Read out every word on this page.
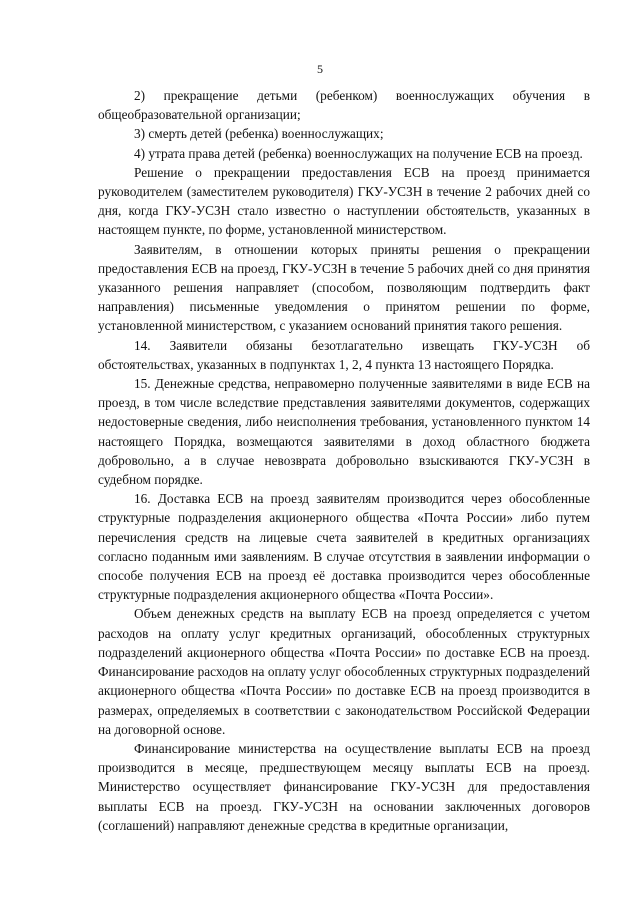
5

2) прекращение детьми (ребенком) военнослужащих обучения в общеобразовательной организации;

3) смерть детей (ребенка) военнослужащих;

4) утрата права детей (ребенка) военнослужащих на получение ЕСВ на проезд.

Решение о прекращении предоставления ЕСВ на проезд принимается руководителем (заместителем руководителя) ГКУ-УСЗН в течение 2 рабочих дней со дня, когда ГКУ-УСЗН стало известно о наступлении обстоятельств, указанных в настоящем пункте, по форме, установленной министерством.

Заявителям, в отношении которых приняты решения о прекращении предоставления ЕСВ на проезд, ГКУ-УСЗН в течение 5 рабочих дней со дня принятия указанного решения направляет (способом, позволяющим подтвердить факт направления) письменные уведомления о принятом решении по форме, установленной министерством, с указанием оснований принятия такого решения.

14. Заявители обязаны безотлагательно извещать ГКУ-УСЗН об обстоятельствах, указанных в подпунктах 1, 2, 4 пункта 13 настоящего Порядка.

15. Денежные средства, неправомерно полученные заявителями в виде ЕСВ на проезд, в том числе вследствие представления заявителями документов, содержащих недостоверные сведения, либо неисполнения требования, установленного пунктом 14 настоящего Порядка, возмещаются заявителями в доход областного бюджета добровольно, а в случае невозврата добровольно взыскиваются ГКУ-УСЗН в судебном порядке.

16. Доставка ЕСВ на проезд заявителям производится через обособленные структурные подразделения акционерного общества «Почта России» либо путем перечисления средств на лицевые счета заявителей в кредитных организациях согласно поданным ими заявлениям. В случае отсутствия в заявлении информации о способе получения ЕСВ на проезд её доставка производится через обособленные структурные подразделения акционерного общества «Почта России».

Объем денежных средств на выплату ЕСВ на проезд определяется с учетом расходов на оплату услуг кредитных организаций, обособленных структурных подразделений акционерного общества «Почта России» по доставке ЕСВ на проезд. Финансирование расходов на оплату услуг обособленных структурных подразделений акционерного общества «Почта России» по доставке ЕСВ на проезд производится в размерах, определяемых в соответствии с законодательством Российской Федерации на договорной основе.

Финансирование министерства на осуществление выплаты ЕСВ на проезд производится в месяце, предшествующем месяцу выплаты ЕСВ на проезд. Министерство осуществляет финансирование ГКУ-УСЗН для предоставления выплаты ЕСВ на проезд. ГКУ-УСЗН на основании заключенных договоров (соглашений) направляют денежные средства в кредитные организации,
